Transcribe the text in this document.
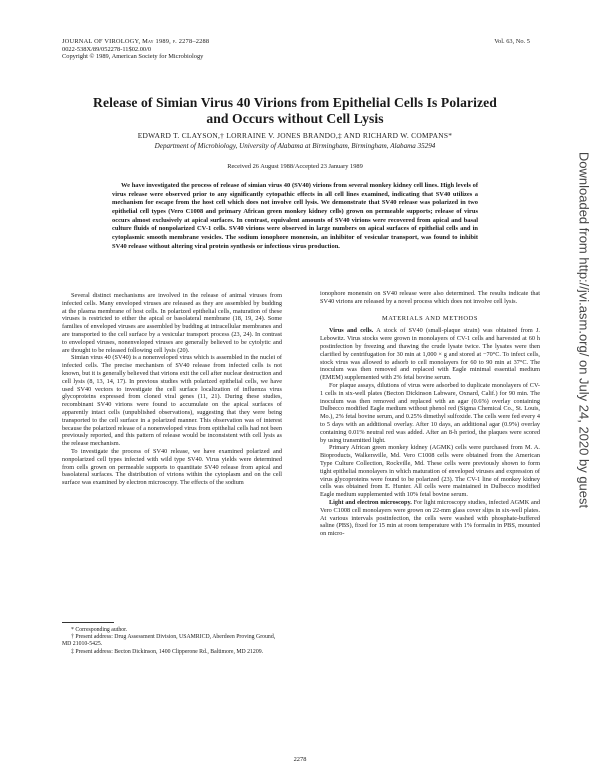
JOURNAL OF VIROLOGY, May 1989, p. 2278–2288
0022-538X/89/052278-11$02.00/0
Copyright © 1989, American Society for Microbiology
Vol. 63, No. 5
Release of Simian Virus 40 Virions from Epithelial Cells Is Polarized
and Occurs without Cell Lysis
EDWARD T. CLAYSON,† LORRAINE V. JONES BRANDO,‡ AND RICHARD W. COMPANS*
Department of Microbiology, University of Alabama at Birmingham, Birmingham, Alabama 35294
Received 26 August 1988/Accepted 23 January 1989
We have investigated the process of release of simian virus 40 (SV40) virions from several monkey kidney cell lines. High levels of virus release were observed prior to any significantly cytopathic effects in all cell lines examined, indicating that SV40 utilizes a mechanism for escape from the host cell which does not involve cell lysis. We demonstrate that SV40 release was polarized in two epithelial cell types (Vero C1008 and primary African green monkey kidney cells) grown on permeable supports; release of virus occurs almost exclusively at apical surfaces. In contrast, equivalent amounts of SV40 virions were recovered from apical and basal culture fluids of nonpolarized CV-1 cells. SV40 virions were observed in large numbers on apical surfaces of epithelial cells and in cytoplasmic smooth membrane vesicles. The sodium ionophore monensin, an inhibitor of vesicular transport, was found to inhibit SV40 release without altering viral protein synthesis or infectious virus production.

Several distinct mechanisms are involved in the release of animal viruses from infected cells. Many enveloped viruses are released as they are assembled by budding at the plasma membrane of host cells. In polarized epithelial cells, maturation of these viruses is restricted to either the apical or basolateral membrane (18, 19, 24). Some families of enveloped viruses are assembled by budding at intracellular membranes and are transported to the cell surface by a vesicular transport process (23, 24). In contrast to enveloped viruses, nonenveloped viruses are generally believed to be cytolytic and are thought to be released following cell lysis (20).

Simian virus 40 (SV40) is a nonenveloped virus which is assembled in the nuclei of infected cells. The precise mechanism of SV40 release from infected cells is not known, but it is generally believed that virions exit the cell after nuclear destruction and cell lysis (8, 13, 14, 17). In previous studies with polarized epithelial cells, we have used SV40 vectors to investigate the cell surface localization of influenza virus glycoproteins expressed from cloned viral genes (11, 21). During these studies, recombinant SV40 virions were found to accumulate on the apical surfaces of apparently intact cells (unpublished observations), suggesting that they were being transported to the cell surface in a polarized manner. This observation was of interest because the polarized release of a nonenveloped virus from epithelial cells had not been previously reported, and this pattern of release would be inconsistent with cell lysis as the release mechanism.

To investigate the process of SV40 release, we have examined polarized and nonpolarized cell types infected with wild type SV40. Virus yields were determined from cells grown on permeable supports to quantitate SV40 release from apical and basolateral surfaces. The distribution of virions within the cytoplasm and on the cell surface was examined by electron microscopy. The effects of the sodium

ionophore monensin on SV40 release were also determined. The results indicate that SV40 virions are released by a novel process which does not involve cell lysis.

MATERIALS AND METHODS

Virus and cells. A stock of SV40 (small-plaque strain) was obtained from J. Lebowitz. Virus stocks were grown in monolayers of CV-1 cells and harvested at 60 h postinfection by freezing and thawing the crude lysate twice. The lysates were then clarified by centrifugation for 30 min at 1,000 × g and stored at −70°C. To infect cells, stock virus was allowed to adsorb to cell monolayers for 60 to 90 min at 37°C. The inoculum was then removed and replaced with Eagle minimal essential medium (EMEM) supplemented with 2% fetal bovine serum.

For plaque assays, dilutions of virus were adsorbed to duplicate monolayers of CV-1 cells in six-well plates (Becton Dickinson Labware, Oxnard, Calif.) for 90 min. The inoculum was then removed and replaced with an agar (0.6%) overlay containing Dulbecco modified Eagle medium without phenol red (Sigma Chemical Co., St. Louis, Mo.), 2% fetal bovine serum, and 0.25% dimethyl sulfoxide. The cells were fed every 4 to 5 days with an additional overlay. After 10 days, an additional agar (0.9%) overlay containing 0.01% neutral red was added. After an 8-h period, the plaques were scored by using transmitted light.

Primary African green monkey kidney (AGMK) cells were purchased from M. A. Bioproducts, Walkersville, Md. Vero C1008 cells were obtained from the American Type Culture Collection, Rockville, Md. These cells were previously shown to form tight epithelial monolayers in which maturation of enveloped viruses and expression of virus glycoproteins were found to be polarized (23). The CV-1 line of monkey kidney cells was obtained from E. Hunter. All cells were maintained in Dulbecco modified Eagle medium supplemented with 10% fetal bovine serum.

Light and electron microscopy. For light microscopy studies, infected AGMK and Vero C1008 cell monolayers were grown on 22-mm glass cover slips in six-well plates. At various intervals postinfection, the cells were washed with phosphate-buffered saline (PBS), fixed for 15 min at room temperature with 1% formalin in PBS, mounted on micro-

* Corresponding author.

† Present address: Drug Assessment Division, USAMRICD, Aberdeen Proving Ground, MD 21010-5425.

‡ Present address: Becton Dickinson, 1400 Clipperone Rd., Baltimore, MD 21209.

2278
Downloaded from http://jvi.asm.org/ on July 24, 2020 by guest
